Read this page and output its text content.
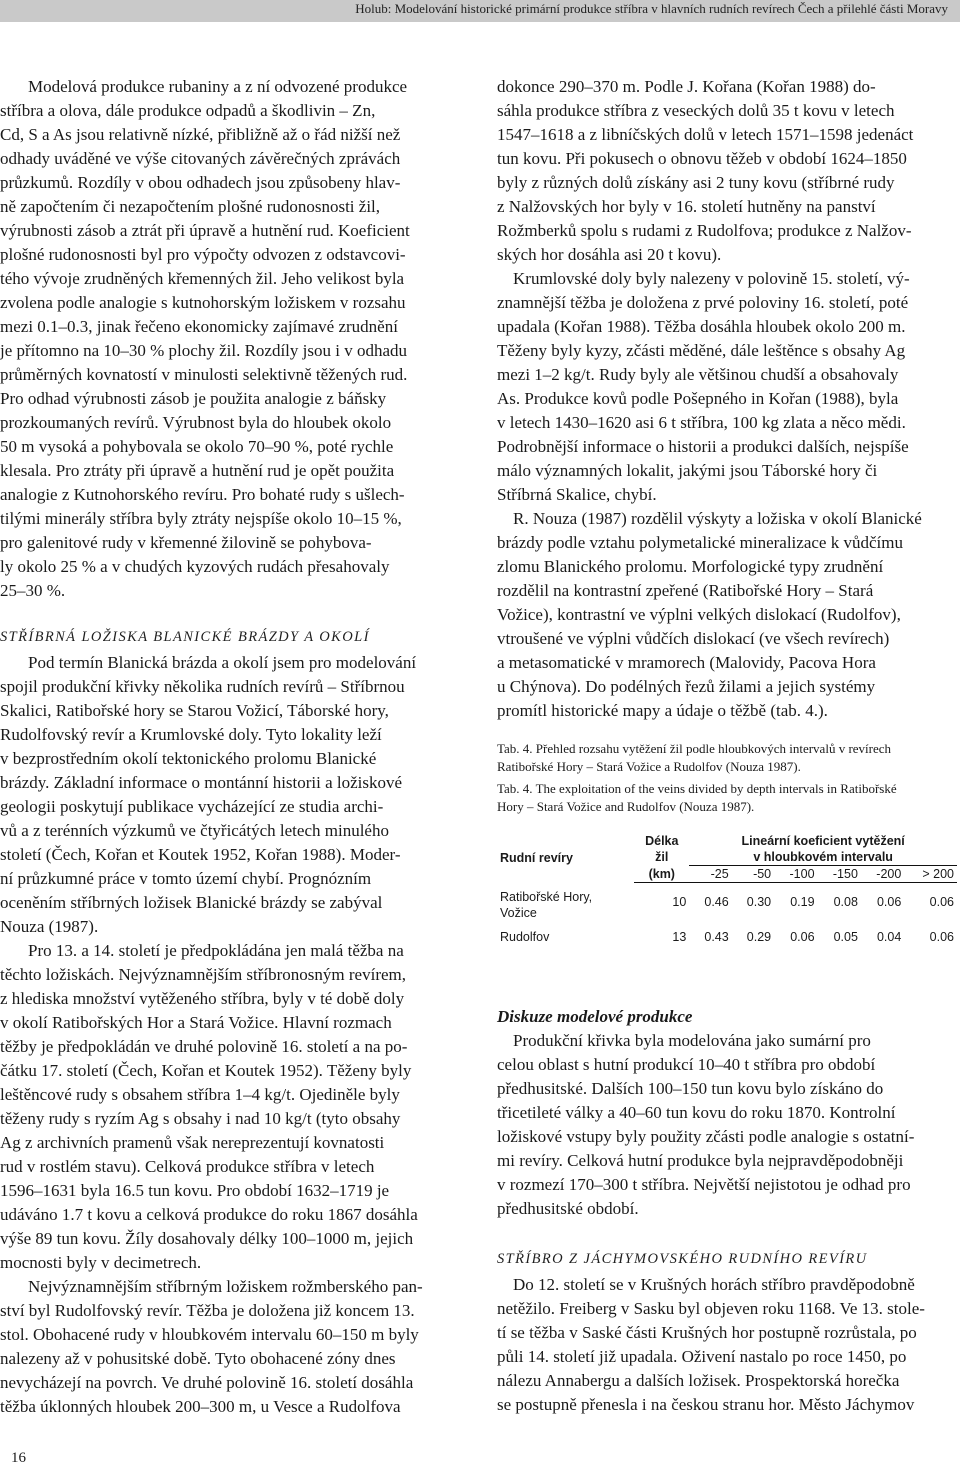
Holub: Modelování historické primární produkce stříbra v hlavních rudních revírech Čech a přilehlé části Moravy
Modelová produkce rubaniny a z ní odvozené produkce
stříbra a olova, dále produkce odpadů a škodlivin – Zn,
Cd, S a As jsou relativně nízké, přibližně až o řád nižší než
odhady uváděné ve výše citovaných závěrečných zprávách
průzkumů. Rozdíly v obou odhadech jsou způsobeny hlav-
ně započtením či nezapočtením plošné rudonosnosti žil,
výrubnosti zásob a ztrát při úpravě a hutnění rud. Koeficient
plošné rudonosnosti byl pro výpočty odvozen z odstavcovi-
tého vývoje zrudněných křemenných žil. Jeho velikost byla
zvolena podle analogie s kutnohorským ložiskem v rozsahu
mezi 0.1–0.3, jinak řečeno ekonomicky zajímavé zrudnění
je přítomno na 10–30 % plochy žil. Rozdíly jsou i v odhadu
průměrných kovnatostí v minulosti selektivně těžených rud.
Pro odhad výrubnosti zásob je použita analogie z báňsky
prozkoumaných revírů. Výrubnost byla do hloubek okolo
50 m vysoká a pohybovala se okolo 70–90 %, poté rychle
klesala. Pro ztráty při úpravě a hutnění rud je opět použita
analogie z Kutnohorského revíru. Pro bohaté rudy s ušlech-
tilými minerály stříbra byly ztráty nejspíše okolo 10–15 %,
pro galenitové rudy v křemenné žilovině se pohybova-
ly okolo 25 % a v chudých kyzových rudách přesahovaly
25–30 %.
STŘÍBRNÁ LOŽISKA BLANICKÉ BRÁZDY A OKOLÍ
Pod termín Blanická brázda a okolí jsem pro modelování
spojil produkční křivky několika rudních revírů – Stříbrnou
Skalici, Ratibořské hory se Starou Vožicí, Táborské hory,
Rudolfovský revír a Krumlovské doly. Tyto lokality leží
v bezprostředním okolí tektonického prolomu Blanické
brázdy. Základní informace o montánní historii a ložiskové
geologii poskytují publikace vycházející ze studia archi-
vů a z terénních výzkumů ve čtyřicátých letech minulého
století (Čech, Kořan et Koutek 1952, Kořan 1988). Moder-
ní průzkumné práce v tomto území chybí. Prognózním
oceněním stříbrných ložisek Blanické brázdy se zabýval
Nouza (1987).
Pro 13. a 14. století je předpokládána jen malá těžba na
těchto ložiskách. Nejvýznamnějším stříbronosným revírem,
z hlediska množství vytěženého stříbra, byly v té době doly
v okolí Ratibořských Hor a Stará Vožice. Hlavní rozmach
těžby je předpokládán ve druhé polovině 16. století a na po-
čátku 17. století (Čech, Kořan et Koutek 1952). Těženy byly
leštěncové rudy s obsahem stříbra 1–4 kg/t. Ojediněle byly
těženy rudy s ryzím Ag s obsahy i nad 10 kg/t (tyto obsahy
Ag z archivních pramenů však nereprezentují kovnatosti
rud v rostlém stavu). Celková produkce stříbra v letech
1596–1631 byla 16.5 tun kovu. Pro období 1632–1719 je
udáváno 1.7 t kovu a celková produkce do roku 1867 dosáhla
výše 89 tun kovu. Žíly dosahovaly délky 100–1000 m, jejich
mocnosti byly v decimetrech.
Nejvýznamnějším stříbrným ložiskem rožmberského pan-
ství byl Rudolfovský revír. Těžba je doložena již koncem 13.
stol. Obohacené rudy v hloubkovém intervalu 60–150 m byly
nalezeny až v pohusitské době. Tyto obohacené zóny dnes
nevycházejí na povrch. Ve druhé polovině 16. století dosáhla
těžba úklonných hloubek 200–300 m, u Vesce a Rudolfova
dokonce 290–370 m. Podle J. Kořana (Kořan 1988) do-
sáhla produkce stříbra z veseckých dolů 35 t kovu v letech
1547–1618 a z libníčských dolů v letech 1571–1598 jedenáct
tun kovu. Při pokusech o obnovu těžeb v období 1624–1850
byly z různých dolů získány asi 2 tuny kovu (stříbrné rudy
z Nalžovských hor byly v 16. století hutněny na panství
Rožmberků spolu s rudami z Rudolfova; produkce z Nalžov-
ských hor dosáhla asi 20 t kovu).
Krumlovské doly byly nalezeny v polovině 15. století, vý-
znamnější těžba je doložena z prvé poloviny 16. století, poté
upadala (Kořan 1988). Těžba dosáhla hloubek okolo 200 m.
Těženy byly kyzy, zčásti měděné, dále leštěnce s obsahy Ag
mezi 1–2 kg/t. Rudy byly ale většinou chudší a obsahovaly
As. Produkce kovů podle Pošepného in Kořan (1988), byla
v letech 1430–1620 asi 6 t stříbra, 100 kg zlata a něco mědi.
Podrobnější informace o historii a produkci dalších, nejspíše
málo významných lokalit, jakými jsou Táborské hory či
Stříbrná Skalice, chybí.
R. Nouza (1987) rozdělil výskyty a ložiska v okolí Blanické
brázdy podle vztahu polymetalické mineralizace k vůdčímu
zlomu Blanického prolomu. Morfologické typy zrudnění
rozdělil na kontrastní zpeřené (Ratibořské Hory – Stará
Vožice), kontrastní ve výplni velkých dislokací (Rudolfov),
vtroušené ve výplni vůdčích dislokací (ve všech revírech)
a metasomatické v mramorech (Malovidy, Pacova Hora
u Chýnova). Do podélných řezů žilami a jejich systémy
promítl historické mapy a údaje o těžbě (tab. 4.).
Tab. 4. Přehled rozsahu vytěžení žil podle hloubkových intervalů v revírech
Ratibořské Hory – Stará Vožice a Rudolfov (Nouza 1987).
Tab. 4. The exploitation of the veins divided by depth intervals in Ratibořské
Hory – Stará Vožice and Rudolfov (Nouza 1987).
Rudní revíry	Délka	Lineární koeficient vytěžení					
	žil	v hloubkovém intervalu					
	(km)	-25	-50	-100	-150	-200	> 200

Ratibořské Hory,
Vožice	10	0.46	0.30	0.19	0.08	0.06	0.06
Rudolfov	13	0.43	0.29	0.06	0.05	0.04	0.06
Diskuze modelové produkce
Produkční křivka byla modelována jako sumární pro
celou oblast s hutní produkcí 10–40 t stříbra pro období
předhusitské. Dalších 100–150 tun kovu bylo získáno do
třicetileté války a 40–60 tun kovu do roku 1870. Kontrolní
ložiskové vstupy byly použity zčásti podle analogie s ostatní-
mi revíry. Celková hutní produkce byla nejpravděpodobněji
v rozmezí 170–300 t stříbra. Největší nejistotou je odhad pro
předhusitské období.
STŘÍBRO Z JÁCHYMOVSKÉHO RUDNÍHO REVÍRU
Do 12. století se v Krušných horách stříbro pravděpodobně
netěžilo. Freiberg v Sasku byl objeven roku 1168. Ve 13. stole-
tí se těžba v Saské části Krušných hor postupně rozrůstala, po
půli 14. století již upadala. Oživení nastalo po roce 1450, po
nálezu Annabergu a dalších ložisek. Prospektorská horečka
se postupně přenesla i na českou stranu hor. Město Jáchymov
16
